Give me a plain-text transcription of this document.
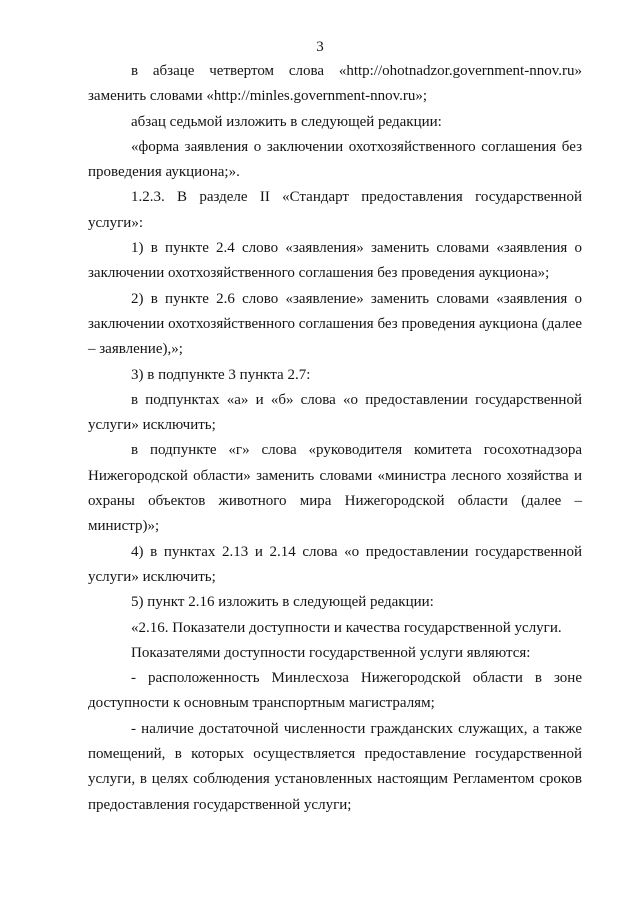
3

в абзаце четвертом слова «http://ohotnadzor.government-nnov.ru» заменить словами «http://minles.government-nnov.ru»;

абзац седьмой изложить в следующей редакции:

«форма заявления о заключении охотхозяйственного соглашения без проведения аукциона;».

1.2.3. В разделе II «Стандарт предоставления государственной услуги»:

1) в пункте 2.4 слово «заявления» заменить словами «заявления о заключении охотхозяйственного соглашения без проведения аукциона»;

2) в пункте 2.6 слово «заявление» заменить словами «заявления о заключении охотхозяйственного соглашения без проведения аукциона (далее – заявление),»;

3) в подпункте 3 пункта 2.7:

в подпунктах «а» и «б» слова «о предоставлении государственной услуги» исключить;

в подпункте «г» слова «руководителя комитета госохотнадзора Нижегородской области» заменить словами «министра лесного хозяйства и охраны объектов животного мира Нижегородской области (далее – министр)»;

4) в пунктах 2.13 и 2.14 слова «о предоставлении государственной услуги» исключить;

5) пункт 2.16 изложить в следующей редакции:

«2.16. Показатели доступности и качества государственной услуги.

Показателями доступности государственной услуги являются:

- расположенность Минлесхоза Нижегородской области в зоне доступности к основным транспортным магистралям;

- наличие достаточной численности гражданских служащих, а также помещений, в которых осуществляется предоставление государственной услуги, в целях соблюдения установленных настоящим Регламентом сроков предоставления государственной услуги;
